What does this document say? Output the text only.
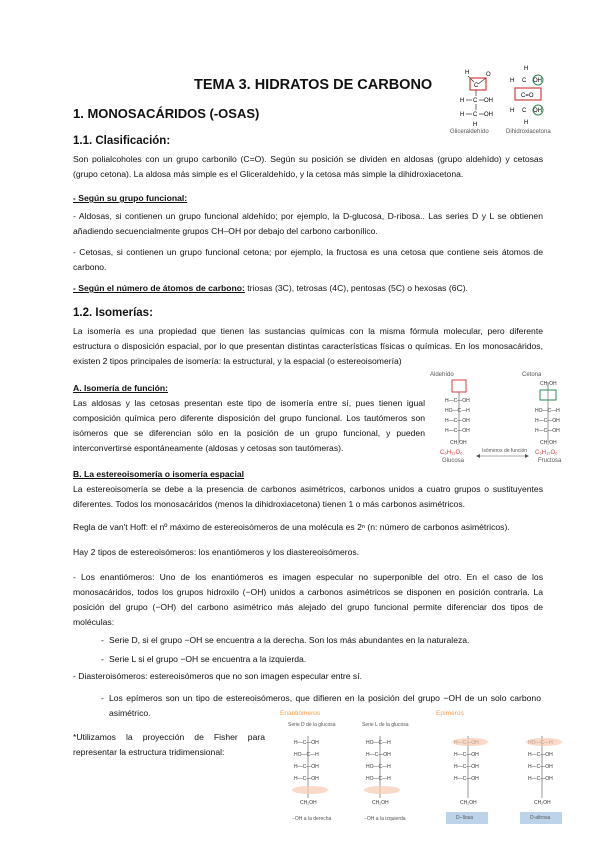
TEMA 3. HIDRATOS DE CARBONO
1. MONOSACÁRIDOS (-OSAS)
1.1. Clasificación:
Son polialcoholes con un grupo carbonilo (C=O). Según su posición se dividen en aldosas (grupo aldehído) y cetosas (grupo cetona). La aldosa más simple es el Gliceraldehído, y la cetosa más simple la dihidroxiacetona.
- Según su grupo funcional:
- Aldosas, si contienen un grupo funcional aldehído; por ejemplo, la D-glucosa, D-ribosa.. Las series D y L se obtienen añadiendo secuencialmente grupos CH–OH por debajo del carbono carbonílico.
- Cetosas, si contienen un grupo funcional cetona; por ejemplo, la fructosa es una cetosa que contiene seis átomos de carbono.
- Según el número de átomos de carbono: triosas (3C), tetrosas (4C), pentosas (5C) o hexosas (6C).
1.2. Isomerías:
La isomería es una propiedad que tienen las sustancias químicas con la misma fórmula molecular, pero diferente estructura o disposición espacial, por lo que presentan distintas características físicas o químicas. En los monosacáridos, existen 2 tipos principales de isomería: la estructural, y la espacial (o estereoisomería)
A. Isomería de función:
Las aldosas y las cetosas presentan este tipo de isomería entre sí, pues tienen igual composición química pero diferente disposición del grupo funcional. Los tautómeros son isómeros que se diferencian sólo en la posición de un grupo funcional, y pueden interconvertirse espontáneamente (aldosas y cetosas son tautómeras).
B. La estereoisomería o isomería espacial
La estereoisomería se debe a la presencia de carbonos asimétricos, carbonos unidos a cuatro grupos o sustituyentes diferentes. Todos los monosacáridos (menos la dihidroxiacetona) tienen 1 o más carbonos asimétricos.
Regla de van't Hoff: el nº máximo de estereoisómeros de una molécula es 2ⁿ (n: número de carbonos asimétricos).
Hay 2 tipos de estereoisómeros: los enantiómeros y los diastereoisómeros.
- Los enantiómeros: Uno de los enantiómeros es imagen especular no superponible del otro. En el caso de los monosacáridos, todos los grupos hidroxilo (−OH) unidos a carbonos asimétricos se disponen en posición contraria. La posición del grupo (−OH) del carbono asimétrico más alejado del grupo funcional permite diferenciar dos tipos de moléculas:
- Serie D, si el grupo −OH se encuentra a la derecha. Son los más abundantes en la naturaleza.
- Serie L si el grupo −OH se encuentra a la izquierda.
- Diasteroisómeros: estereoisómeros que no son imagen especular entre sí.
- Los epímeros son un tipo de estereoisómeros, que difieren en la posición del grupo −OH de un solo carbono asimétrico.
*Utilizamos la proyección de Fisher para representar la estructura tridimensional:
H
C
O
H C OH
H C OH
H
H
H C OH
C=O
H C OH
H
Gliceraldehído	Dihidroxiacetona
Aldehído	Cetona
H—C—OH
HO—C—H
H—C—OH
H—C—OH
CH₂OH
CH₂OH
HO—C—H
H—C—OH
H—C—OH
CH₂OH
C₆H₁₂O₆
Glucosa
Isómeros de función C₆H₁₂O₆
Fructosa
Enantiómeros	Epímeros
Serie D de la glucosa	Serie L de la glucosa
H—C—OH
HO—C—H
H—C—OH
H—C—OH
CH₂OH
HO—C—H
H—C—OH
HO—C—H
HO—C—H
CH₂OH
H—C—OH
H—C—OH
H—C—OH
CH₂OH
H—C—OH
H—C—OH
H—C—OH
CH₂OH
−OH a la derecha	−OH a la izquierda	D−Ilosa	D-altrosa
